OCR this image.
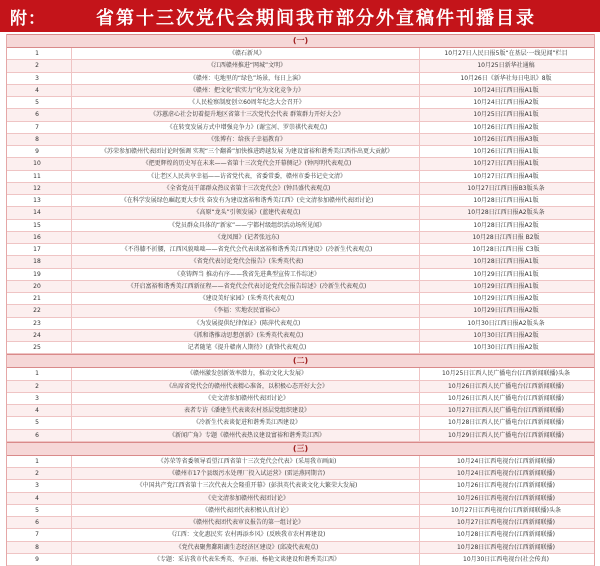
附：	省第十三次党代会期间我市部分外宣稿件刊播目录
(一)
1	《赣石新风》	10月27日人民日报5版“在基层·一线见闻”栏目
2	《江西赣州推进“网城”文明》	10月25日新华社通稿
3	《赣州：屯地里的“绿色”场景，每日上演》	10月26日《新华社每日电讯》8版
4	《赣州：把文化“软实力”化为文化竞争力》	10月24日江西日报A1版
5	《人民检察制度创立60周年纪念大会召开》	10月24日江西日报A2版
6	《苏蕙虐心社会切着提升地区省第十三次党代会代表 群策群力开好大会》	10月25日江西日报A1版
7	《在转变发展方式中增强竞争力》(谢宝河、罗崇祺代表观点)	10月26日江西日报A2版
8	《张博有：给孩子幸福教育》	10月26日江西日报A3版
9	《苏荣参加赣州代表团讨论时强调 实现“三个翻番”加快推进跨越发展 为建设富裕和谐秀美江西作出更大贡献》	10月26日江西日报A1版
10	《把更辉煌的历史写在未来——省第十三次党代会开幕侧记》(钟丙明代表观点)	10月27日江西日报A1版
11	《让老区人民共享幸福——访省党代表，省委常委，赣州市委书记史文清》	10月27日江西日报A4版
12	《全省党员干部群众热议省第十三次党代会》(钟昌盛代表观点)	10月27日江西日报B3版头条
13	《在科学发展绿色崛起更大步伐 奋发有为建设富裕和谐秀美江西》(史文清参加赣州代表团讨论)	10月28日江西日报A1版
14	《高原“龙头”引领发展》(蓝建代表观点)	10月28日江西日报A2版头条
15	《党员群众具体的“新家”——宁都村级组织活动场所见闻》	10月28日江西日报A2版
16	《龙凤图》(记者张远东)	10月28日江西日报 B2版
17	《不得膝不折腰，江西风貌咄咄——省党代会代表谈富裕和谐秀美江西建设》(冷新生代表观点)	10月28日江西日报 C3版
18	《省党代表讨论党代会报告》(朱秀英代表)	10月28日江西日报A1版
19	《莫铸辉当 推动有序——我省先进典型宣传工作综述》	10月29日江西日报A1版
20	《开启富裕和谐秀美江西新征程——省党代会代表讨论党代会报告综述》(冷新生代表观点)	10月29日江西日报A1版
21	《建设美好家园》(朱秀英代表观点)	10月29日江西日报A2版
22	《李福：实地农民富裕心》	10月29日江西日报A2版
23	《为发展提供纪律保证》(陈萍代表观点)	10月30日江西日报A2版头条
24	《抓和谐推动思想创新》(朱秀英代表观点)	10月30日江西日报A2版
25	记者随笔《提升赣南人期待》(黄锋代表观点)	10月30日江西日报A2版
(二)
1	《赣州激发创新效率潜力，推动文化大发展》	10月25日江西人民广播电台(江西新闻联播)头条
2	《出席省党代会的赣州代表精心准备，以积极心态开好大会》	10月26日江西人民广播电台(江西新闻联播)
3	《史文清参加赣州代表团讨论》	10月26日江西人民广播电台(江西新闻联播)
4	表者专访《潘建生代表谈农村基层党组织建设》	10月27日江西人民广播电台(江西新闻联播)
5	《冷新生代表谈促进和谐秀美江西建设》	10月28日江西人民广播电台(江西新闻联播)
6	《新闻广角》专题《赣州代表热议建设富裕和谐秀美江西》	10月29日江西人民广播电台(江西新闻联播)
(三)
1	《苏荣等省委领导看望江西省第十三次党代会代表》(采用我市画面)	10月24日江西电视台(江西新闻联播)
2	《赣州市17个县级污水处理厂投入试运营》(雷运燕同期音)	10月24日江西电视台(江西新闻联播)
3	《中国共产党江西省第十三次代表大会隆重开幕》(彭洪英代表谈文化大繁荣大发展)	10月26日江西电视台(江西新闻联播)
4	《史文清参加赣州代表团讨论》	10月26日江西电视台(江西新闻联播)
5	《赣州代表团代表积极认真讨论》	10月27日江西电视台(江西新闻联播)头条
6	《赣州代表团代表审议报告的第一组讨论》	10月27日江西电视台(江西新闻联播)
7	《江西：文化惠民实 农村再添乡风》(反映我市农村再建设)	10月28日江西电视台(江西新闻联播)
8	《党代表聚焦鄱阳湖生态经济区建设》(邱凌代表观点)	10月28日江西电视台(江西新闻联播)
9	《专题：采访我市代表朱秀英、李正丽、杨艳文谈建设和谐秀美江西》	10月30日江西电视台(社会传真)
